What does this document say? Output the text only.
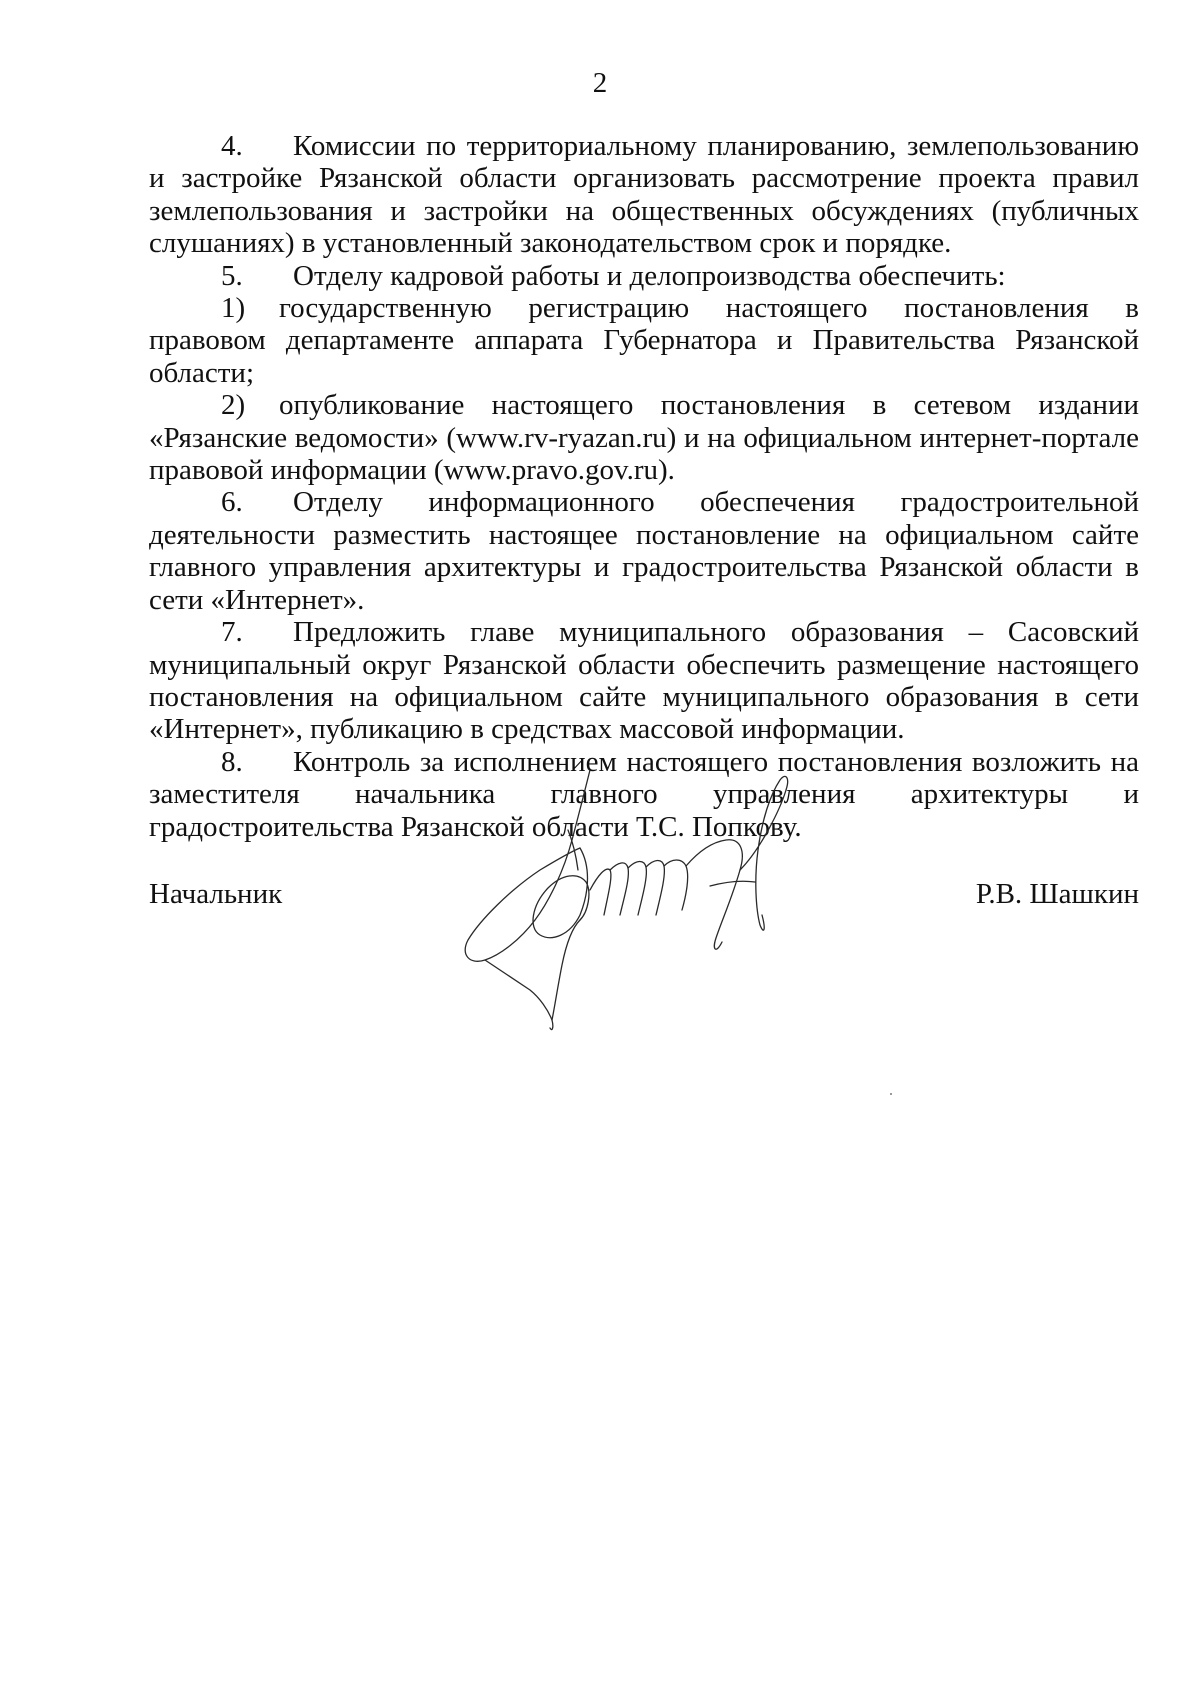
2

4. Комиссии по территориальному планированию, землепользованию и застройке Рязанской области организовать рассмотрение проекта правил землепользования и застройки на общественных обсуждениях (публичных слушаниях) в установленный законодательством срок и порядке.

5. Отделу кадровой работы и делопроизводства обеспечить:

1) государственную регистрацию настоящего постановления в правовом департаменте аппарата Губернатора и Правительства Рязанской области;

2) опубликование настоящего постановления в сетевом издании «Рязанские ведомости» (www.rv-ryazan.ru) и на официальном интернет-портале правовой информации (www.pravo.gov.ru).

6. Отделу информационного обеспечения градостроительной деятельности разместить настоящее постановление на официальном сайте главного управления архитектуры и градостроительства Рязанской области в сети «Интернет».

7. Предложить главе муниципального образования – Сасовский муниципальный округ Рязанской области обеспечить размещение настоящего постановления на официальном сайте муниципального образования в сети «Интернет», публикацию в средствах массовой информации.

8. Контроль за исполнением настоящего постановления возложить на заместителя начальника главного управления архитектуры и градостроительства Рязанской области Т.С. Попкову.

Начальник	Р.В. Шашкин
